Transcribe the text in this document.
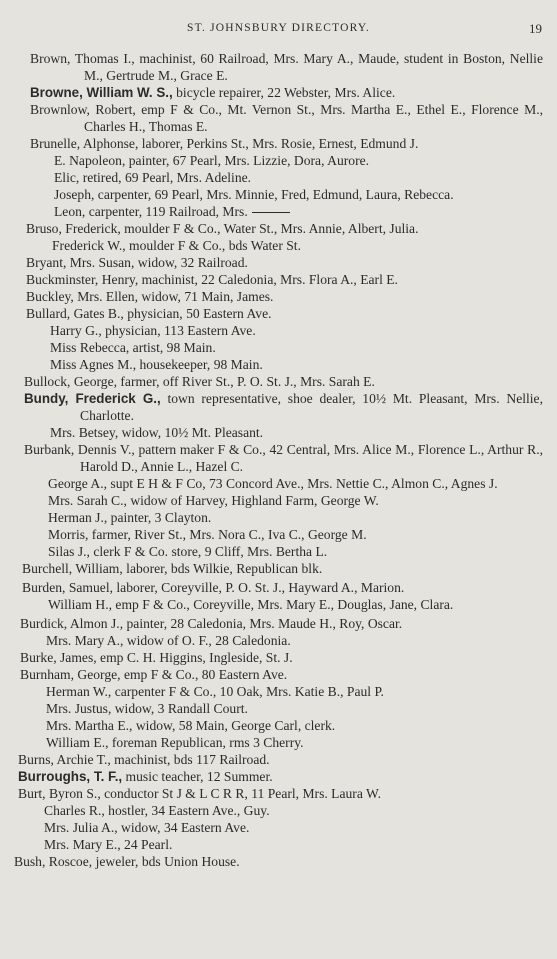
ST. JOHNSBURY DIRECTORY.	19
Brown, Thomas I., machinist, 60 Railroad, Mrs. Mary A., Maude, student in Boston, Nellie M., Gertrude M., Grace E.
Browne, William W. S., bicycle repairer, 22 Webster, Mrs. Alice.
Brownlow, Robert, emp F & Co., Mt. Vernon St., Mrs. Martha E., Ethel E., Florence M., Charles H., Thomas E.
Brunelle, Alphonse, laborer, Perkins St., Mrs. Rosie, Ernest, Edmund J.
E. Napoleon, painter, 67 Pearl, Mrs. Lizzie, Dora, Aurore.
Elic, retired, 69 Pearl, Mrs. Adeline.
Joseph, carpenter, 69 Pearl, Mrs. Minnie, Fred, Edmund, Laura, Rebecca.
Leon, carpenter, 119 Railroad, Mrs.
Bruso, Frederick, moulder F & Co., Water St., Mrs. Annie, Albert, Julia.
Frederick W., moulder F & Co., bds Water St.
Bryant, Mrs. Susan, widow, 32 Railroad.
Buckminster, Henry, machinist, 22 Caledonia, Mrs. Flora A., Earl E.
Buckley, Mrs. Ellen, widow, 71 Main, James.
Bullard, Gates B., physician, 50 Eastern Ave.
Harry G., physician, 113 Eastern Ave.
Miss Rebecca, artist, 98 Main.
Miss Agnes M., housekeeper, 98 Main.
Bullock, George, farmer, off River St., P. O. St. J., Mrs. Sarah E.
Bundy, Frederick G., town representative, shoe dealer, 10½ Mt. Pleasant, Mrs. Nellie, Charlotte.
Mrs. Betsey, widow, 10½ Mt. Pleasant.
Burbank, Dennis V., pattern maker F & Co., 42 Central, Mrs. Alice M., Florence L., Arthur R., Harold D., Annie L., Hazel C.
George A., supt E H & F Co, 73 Concord Ave., Mrs. Nettie C., Almon C., Agnes J.
Mrs. Sarah C., widow of Harvey, Highland Farm, George W.
Herman J., painter, 3 Clayton.
Morris, farmer, River St., Mrs. Nora C., Iva C., George M.
Silas J., clerk F & Co. store, 9 Cliff, Mrs. Bertha L.
Burchell, William, laborer, bds Wilkie, Republican blk.
Burden, Samuel, laborer, Coreyville, P. O. St. J., Hayward A., Marion.
William H., emp F & Co., Coreyville, Mrs. Mary E., Douglas, Jane, Clara.
Burdick, Almon J., painter, 28 Caledonia, Mrs. Maude H., Roy, Oscar.
Mrs. Mary A., widow of O. F., 28 Caledonia.
Burke, James, emp C. H. Higgins, Ingleside, St. J.
Burnham, George, emp F & Co., 80 Eastern Ave.
Herman W., carpenter F & Co., 10 Oak, Mrs. Katie B., Paul P.
Mrs. Justus, widow, 3 Randall Court.
Mrs. Martha E., widow, 58 Main, George Carl, clerk.
William E., foreman Republican, rms 3 Cherry.
Burns, Archie T., machinist, bds 117 Railroad.
Burroughs, T. F., music teacher, 12 Summer.
Burt, Byron S., conductor St J & L C R R, 11 Pearl, Mrs. Laura W.
Charles R., hostler, 34 Eastern Ave., Guy.
Mrs. Julia A., widow, 34 Eastern Ave.
Mrs. Mary E., 24 Pearl.
Bush, Roscoe, jeweler, bds Union House.
